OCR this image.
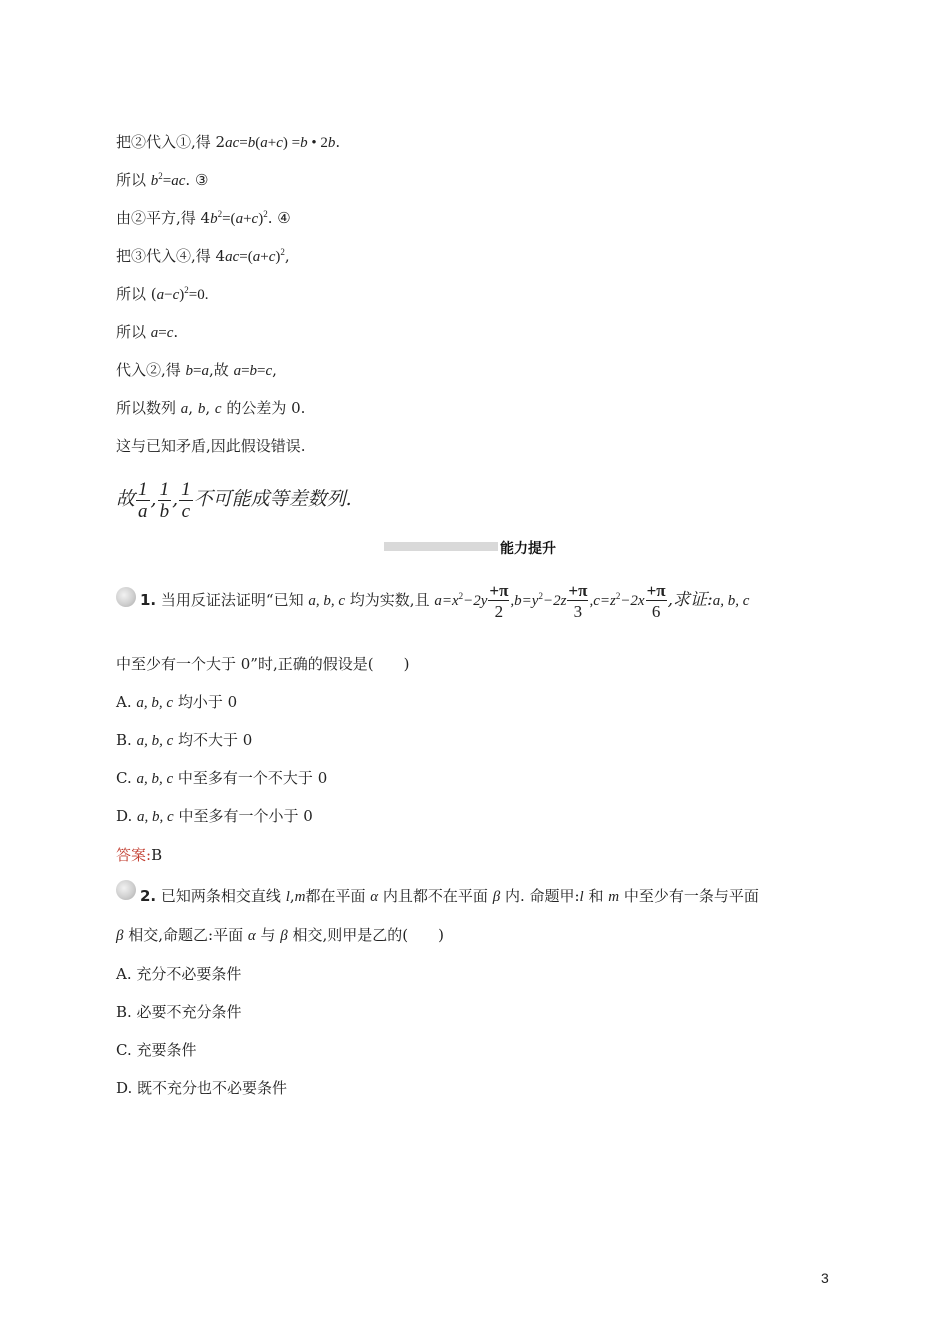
把②代入①,得 2ac=b(a+c) =b • 2b.
所以 $b^2=ac$. ③
由②平方,得 $4b^2=(a+c)^2$. ④
把③代入④,得 $4ac=(a+c)^2$,
所以 $(a-c)^2=0$.
所以 a=c.
代入②,得 b=a,故 a=b=c,
所以数列 a, b, c 的公差为 0.
这与已知矛盾,因此假设错误.
故 $\frac{1}{a}$ , $\frac{1}{b}$ , $\frac{1}{c}$ 不可能成等差数列.
能力提升
1. 当用反证法证明“已知 a, b, c 均为实数,且 $a=x^2-2y \frac{+\pi}{2} ,b=y^2-2z \frac{+\pi}{3} ,c=z^2-2x \frac{+\pi}{6}$ ,求证:a, b, c
中至少有一个大于 0”时,正确的假设是(　　)
A. a, b, c 均小于 0
B. a, b, c 均不大于 0
C. a, b, c 中至多有一个不大于 0
D. a, b, c 中至多有一个小于 0
答案:B
2. 已知两条相交直线 l,m都在平面 α 内且都不在平面 β 内. 命题甲:l 和 m 中至少有一条与平面
β 相交,命题乙:平面 α 与 β 相交,则甲是乙的(　　)
A. 充分不必要条件
B. 必要不充分条件
C. 充要条件
D. 既不充分也不必要条件
3
